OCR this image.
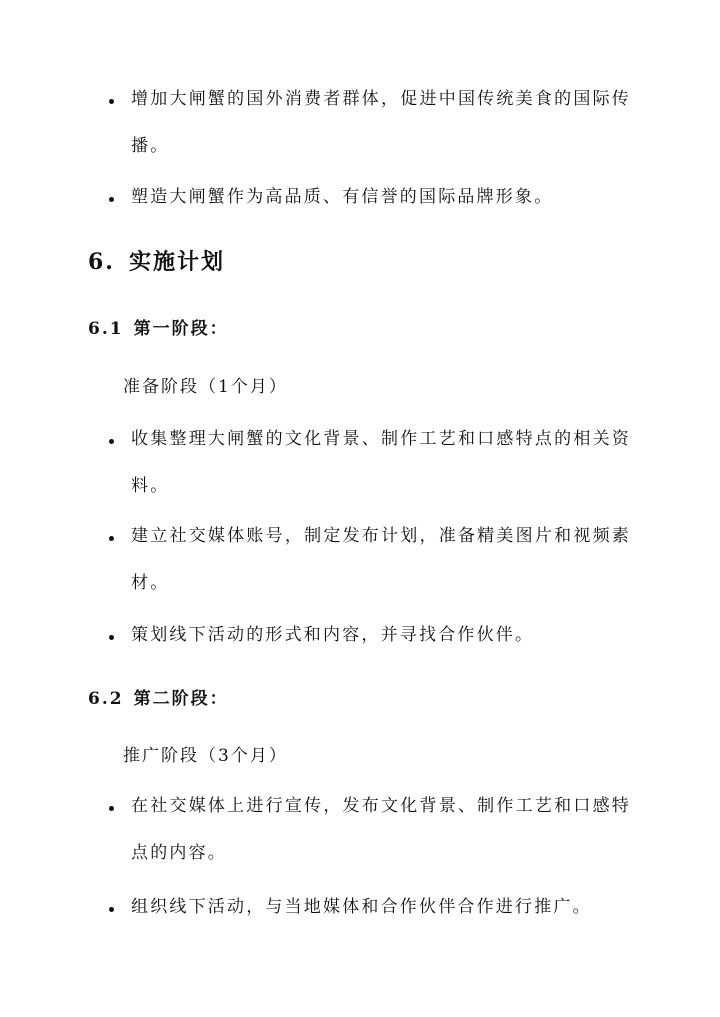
增加大闸蟹的国外消费者群体，促进中国传统美食的国际传播。
塑造大闸蟹作为高品质、有信誉的国际品牌形象。
6. 实施计划
6.1 第一阶段：
准备阶段（1个月）
收集整理大闸蟹的文化背景、制作工艺和口感特点的相关资料。
建立社交媒体账号，制定发布计划，准备精美图片和视频素材。
策划线下活动的形式和内容，并寻找合作伙伴。
6.2 第二阶段：
推广阶段（3个月）
在社交媒体上进行宣传，发布文化背景、制作工艺和口感特点的内容。
组织线下活动，与当地媒体和合作伙伴合作进行推广。
